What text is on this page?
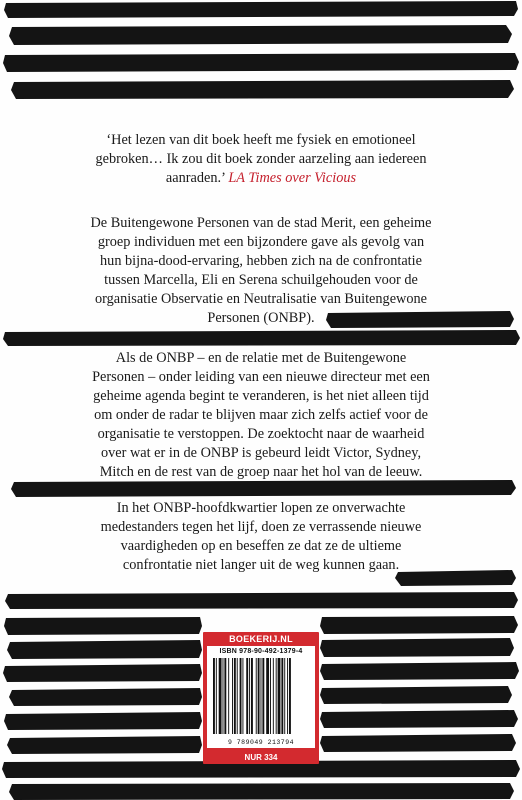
‘Het lezen van dit boek heeft me fysiek en emotioneel
gebroken… Ik zou dit boek zonder aarzeling aan iedereen
aanraden.’ LA Times over Vicious
De Buitengewone Personen van de stad Merit, een geheime
groep individuen met een bijzondere gave als gevolg van
hun bijna-dood-ervaring, hebben zich na de confrontatie
tussen Marcella, Eli en Serena schuilgehouden voor de
organisatie Observatie en Neutralisatie van Buitengewone
Personen (ONBP).
Als de ONBP – en de relatie met de Buitengewone
Personen – onder leiding van een nieuwe directeur met een
geheime agenda begint te veranderen, is het niet alleen tijd
om onder de radar te blijven maar zich zelfs actief voor de
organisatie te verstoppen. De zoektocht naar de waarheid
over wat er in de ONBP is gebeurd leidt Victor, Sydney,
Mitch en de rest van de groep naar het hol van de leeuw.
In het ONBP-hoofdkwartier lopen ze onverwachte
medestanders tegen het lijf, doen ze verrassende nieuwe
vaardigheden op en beseffen ze dat ze de ultieme
confrontatie niet langer uit de weg kunnen gaan.
BOEKERIJ.NL
ISBN 978-90-492-1379-4
9 789049 213794
NUR 334
